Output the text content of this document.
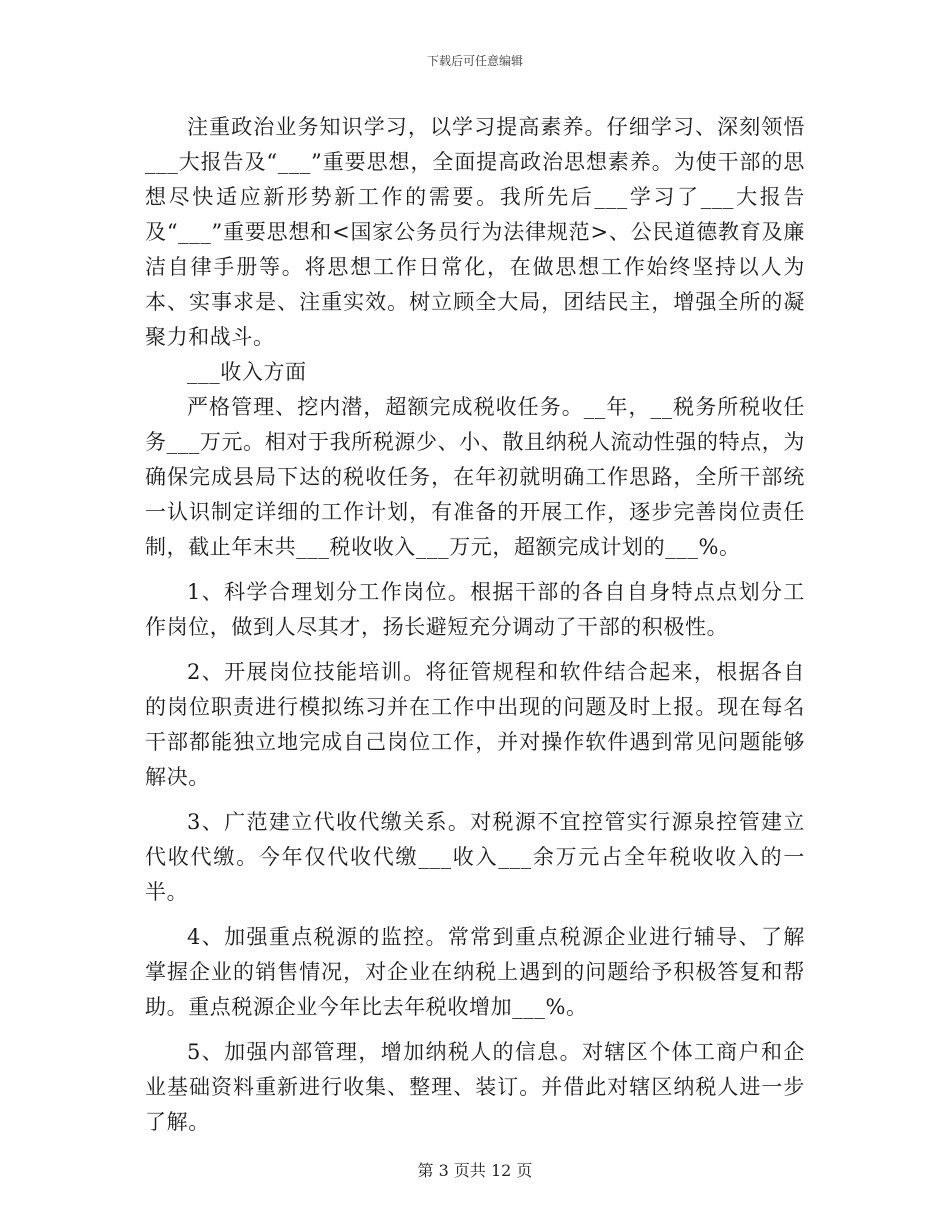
下载后可任意编辑

注重政治业务知识学习，以学习提高素养。仔细学习、深刻领悟___大报告及“___”重要思想，全面提高政治思想素养。为使干部的思想尽快适应新形势新工作的需要。我所先后___学习了___大报告及“___”重要思想和<国家公务员行为法律规范>、公民道德教育及廉洁自律手册等。将思想工作日常化，在做思想工作始终坚持以人为本、实事求是、注重实效。树立顾全大局，团结民主，增强全所的凝聚力和战斗。

___收入方面

严格管理、挖内潜，超额完成税收任务。__年，__税务所税收任务___万元。相对于我所税源少、小、散且纳税人流动性强的特点，为确保完成县局下达的税收任务，在年初就明确工作思路，全所干部统一认识制定详细的工作计划，有准备的开展工作，逐步完善岗位责任制，截止年末共___税收收入___万元，超额完成计划的___%。

1、科学合理划分工作岗位。根据干部的各自自身特点点划分工作岗位，做到人尽其才，扬长避短充分调动了干部的积极性。

2、开展岗位技能培训。将征管规程和软件结合起来，根据各自的岗位职责进行模拟练习并在工作中出现的问题及时上报。现在每名干部都能独立地完成自己岗位工作，并对操作软件遇到常见问题能够解决。

3、广范建立代收代缴关系。对税源不宜控管实行源泉控管建立代收代缴。今年仅代收代缴___收入___余万元占全年税收收入的一半。

4、加强重点税源的监控。常常到重点税源企业进行辅导、了解掌握企业的销售情况，对企业在纳税上遇到的问题给予积极答复和帮助。重点税源企业今年比去年税收增加___%。

5、加强内部管理，增加纳税人的信息。对辖区个体工商户和企业基础资料重新进行收集、整理、装订。并借此对辖区纳税人进一步了解。

第 3 页共 12 页
